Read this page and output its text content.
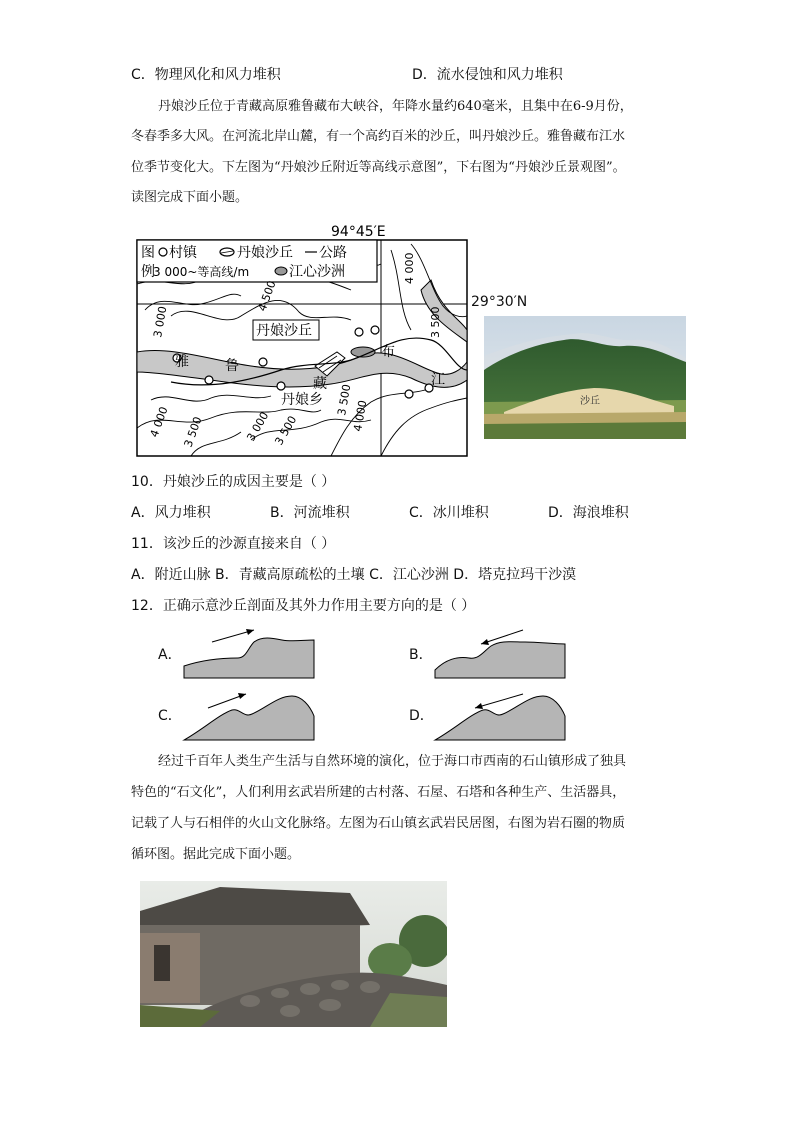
C．物理风化和风力堆积	D．流水侵蚀和风力堆积
丹娘沙丘位于青藏高原雅鲁藏布大峡谷，年降水量约640毫米，且集中在6-9月份，
冬春季多大风。在河流北岸山麓，有一个高约百米的沙丘，叫丹娘沙丘。雅鲁藏布江水
位季节变化大。下左图为“丹娘沙丘附近等高线示意图”，下右图为“丹娘沙丘景观图”。
读图完成下面小题。
94°45′E
图
例
村镇	丹娘沙丘 公路
3 000~等高线/m	江心沙洲
丹娘沙丘
雅	鲁
藏
布
江
丹娘乡
3 000
4 500
4 000
3 500
4 000 3 500	3 000 3 500
3 500
4 000
29°30′N
沙丘
10．丹娘沙丘的成因主要是（ ）
A．风力堆积	B．河流堆积	C．冰川堆积	D．海浪堆积
11．该沙丘的沙源直接来自（ ）
A．附近山脉 B．青藏高原疏松的土壤 C．江心沙洲 D．塔克拉玛干沙漠
12．正确示意沙丘剖面及其外力作用主要方向的是（ ）
A．	B．
C．	D．
经过千百年人类生产生活与自然环境的演化，位于海口市西南的石山镇形成了独具
特色的“石文化”，人们利用玄武岩所建的古村落、石屋、石塔和各种生产、生活器具，
记载了人与石相伴的火山文化脉络。左图为石山镇玄武岩民居图，右图为岩石圈的物质
循环图。据此完成下面小题。
